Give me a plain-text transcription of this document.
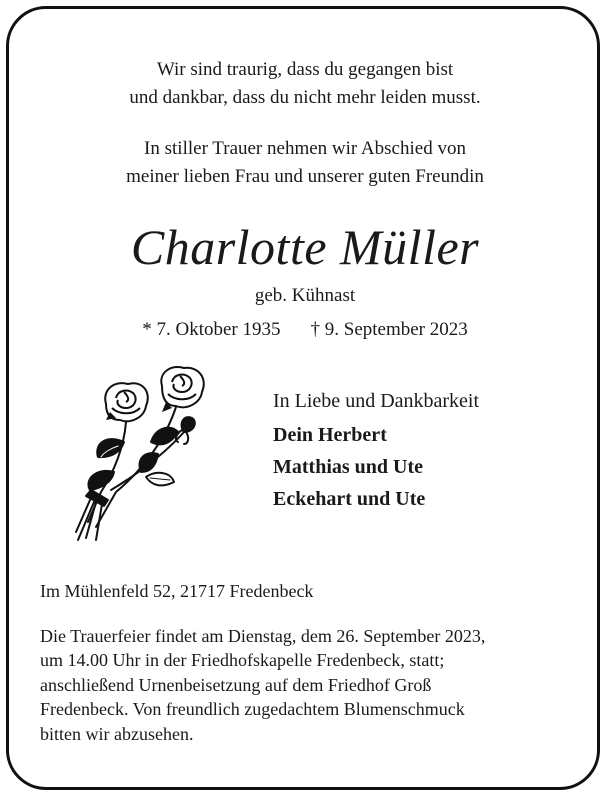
Wir sind traurig, dass du gegangen bist
und dankbar, dass du nicht mehr leiden musst.
In stiller Trauer nehmen wir Abschied von
meiner lieben Frau und unserer guten Freundin
Charlotte Müller
geb. Kühnast
* 7. Oktober 1935 † 9. September 2023
In Liebe und Dankbarkeit
Dein Herbert
Matthias und Ute
Eckehart und Ute
Im Mühlenfeld 52, 21717 Fredenbeck
Die Trauerfeier findet am Dienstag, dem 26. September 2023,
um 14.00 Uhr in der Friedhofskapelle Fredenbeck, statt;
anschließend Urnenbeisetzung auf dem Friedhof Groß
Fredenbeck. Von freundlich zugedachtem Blumenschmuck
bitten wir abzusehen.
